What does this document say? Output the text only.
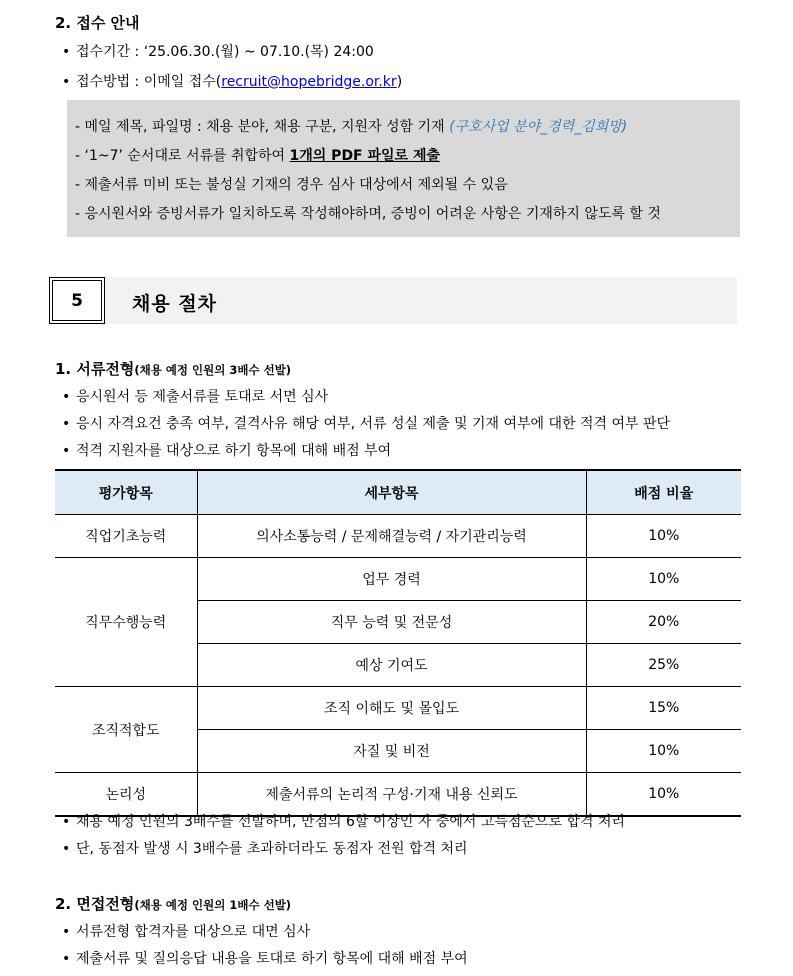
2. 접수 안내
• 접수기간 : ‘25.06.30.(월) ~ 07.10.(목) 24:00
• 접수방법 : 이메일 접수(recruit@hopebridge.or.kr)
- 메일 제목, 파일명 : 채용 분야, 채용 구분, 지원자 성함 기재 (구호사업 분야_경력_김희망)
- ‘1~7’ 순서대로 서류를 취합하여 1개의 PDF 파일로 제출
- 제출서류 미비 또는 불성실 기재의 경우 심사 대상에서 제외될 수 있음
- 응시원서와 증빙서류가 일치하도록 작성해야하며, 증빙이 어려운 사항은 기재하지 않도록 할 것
5	채용 절차
1. 서류전형(채용 예정 인원의 3배수 선발)
• 응시원서 등 제출서류를 토대로 서면 심사
• 응시 자격요건 충족 여부, 결격사유 해당 여부, 서류 성실 제출 및 기재 여부에 대한 적격 여부 판단
• 적격 지원자를 대상으로 하기 항목에 대해 배점 부여
평가항목	세부항목	배점 비율
직업기초능력	의사소통능력 / 문제해결능력 / 자기관리능력	10%
직무수행능력	업무 경력	10%
	직무 능력 및 전문성	20%
	예상 기여도	25%
조직적합도	조직 이해도 및 몰입도	15%
	자질 및 비전	10%
논리성	제출서류의 논리적 구성·기재 내용 신뢰도	10%
• 채용 예정 인원의 3배수를 선발하며, 만점의 6할 이상인 자 중에서 고득점순으로 합격 처리
• 단, 동점자 발생 시 3배수를 초과하더라도 동점자 전원 합격 처리
2. 면접전형(채용 예정 인원의 1배수 선발)
• 서류전형 합격자를 대상으로 대면 심사
• 제출서류 및 질의응답 내용을 토대로 하기 항목에 대해 배점 부여
